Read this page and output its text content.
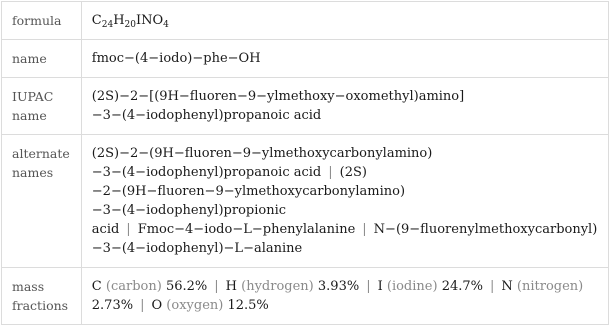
formula	$C_{24}H_{20}INO_4$
name	fmoc−(4−iodo)−phe−OH
IUPAC name	(2S)−2−[(9H−fluoren−9−ylmethoxy−oxomethyl)amino]−3−(4−iodophenyl)propanoic acid
alternate names	(2S)−2−(9H−fluoren−9−ylmethoxycarbonylamino)−3−(4−iodophenyl)propanoic acid | (2S)−2−(9H−fluoren−9−ylmethoxycarbonylamino)−3−(4−iodophenyl)propionic acid | Fmoc−4−iodo−L−phenylalanine | N−(9−fluorenylmethoxycarbonyl)−3−(4−iodophenyl)−L−alanine
mass fractions	C (carbon) 56.2% | H (hydrogen) 3.93% | I (iodine) 24.7% | N (nitrogen) 2.73% | O (oxygen) 12.5%
